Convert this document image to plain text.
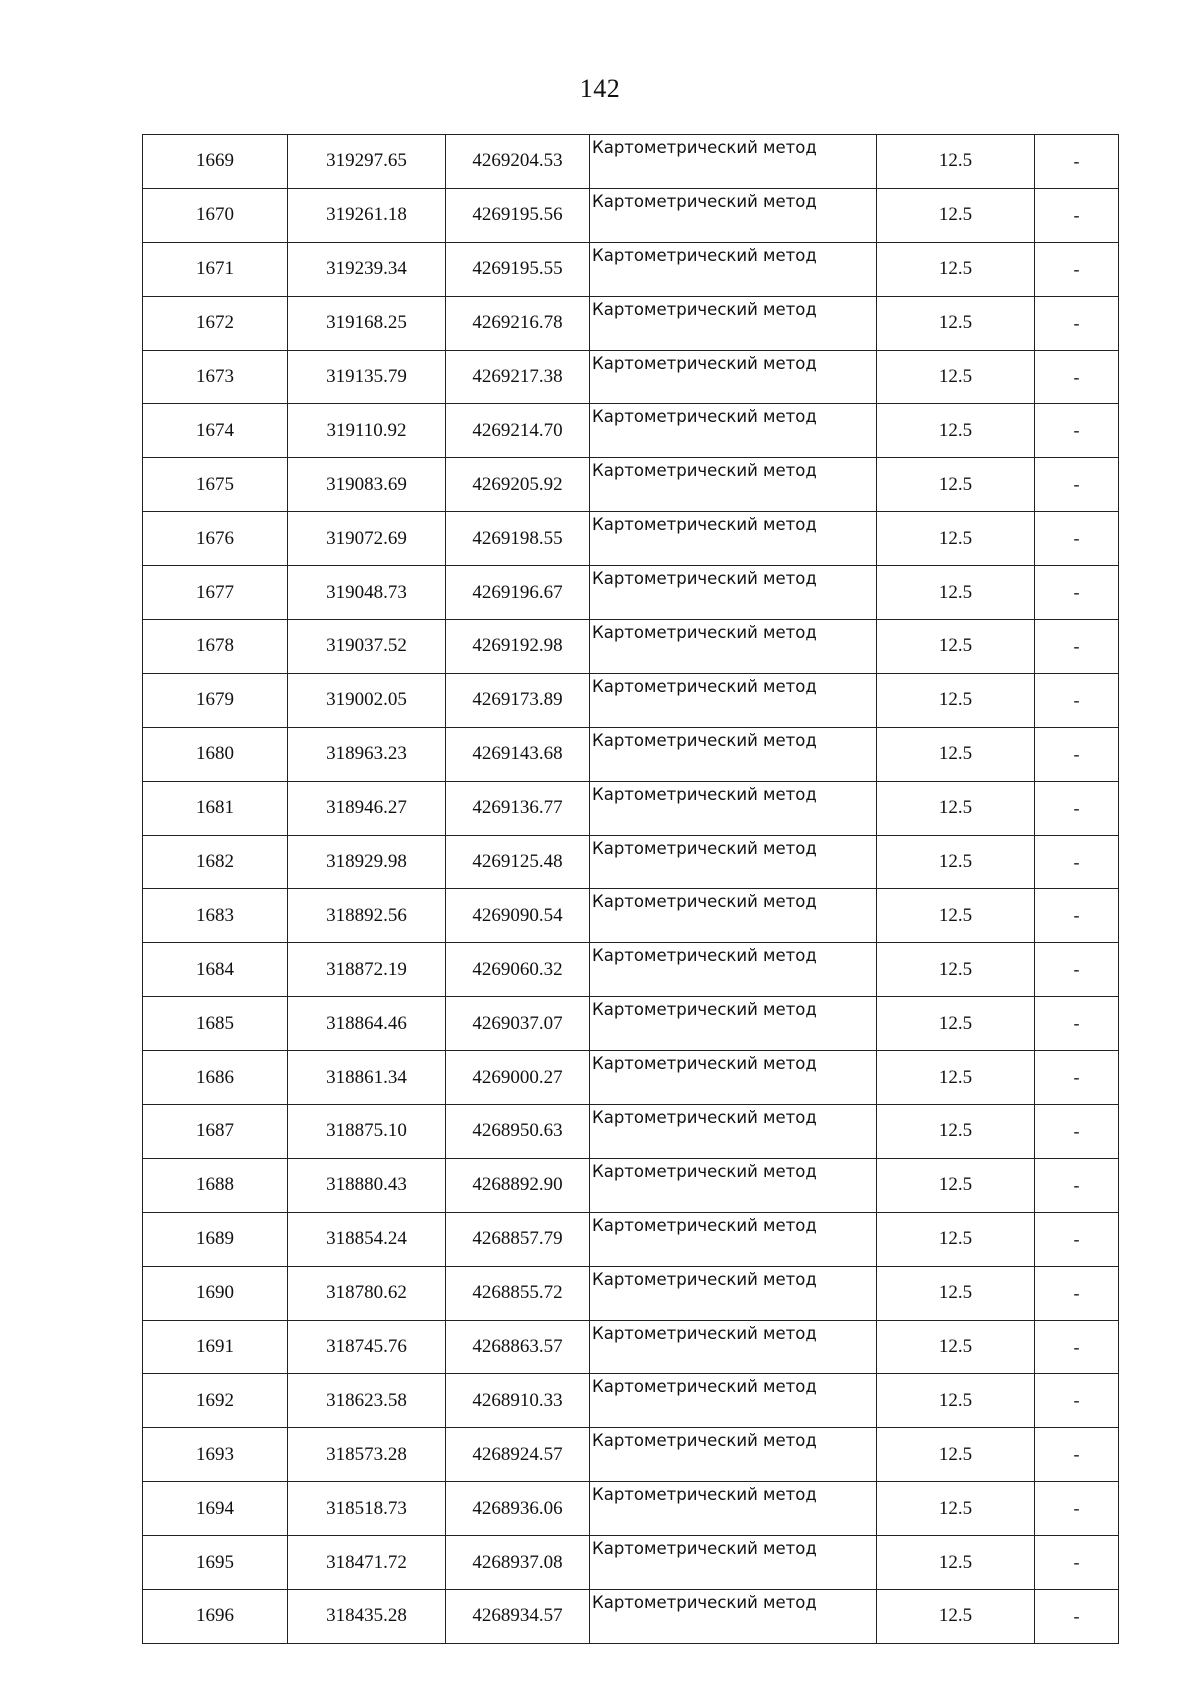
142
1669	319297.65	4269204.53	Картометрический метод	12.5	-
1670	319261.18	4269195.56	Картометрический метод	12.5	-
1671	319239.34	4269195.55	Картометрический метод	12.5	-
1672	319168.25	4269216.78	Картометрический метод	12.5	-
1673	319135.79	4269217.38	Картометрический метод	12.5	-
1674	319110.92	4269214.70	Картометрический метод	12.5	-
1675	319083.69	4269205.92	Картометрический метод	12.5	-
1676	319072.69	4269198.55	Картометрический метод	12.5	-
1677	319048.73	4269196.67	Картометрический метод	12.5	-
1678	319037.52	4269192.98	Картометрический метод	12.5	-
1679	319002.05	4269173.89	Картометрический метод	12.5	-
1680	318963.23	4269143.68	Картометрический метод	12.5	-
1681	318946.27	4269136.77	Картометрический метод	12.5	-
1682	318929.98	4269125.48	Картометрический метод	12.5	-
1683	318892.56	4269090.54	Картометрический метод	12.5	-
1684	318872.19	4269060.32	Картометрический метод	12.5	-
1685	318864.46	4269037.07	Картометрический метод	12.5	-
1686	318861.34	4269000.27	Картометрический метод	12.5	-
1687	318875.10	4268950.63	Картометрический метод	12.5	-
1688	318880.43	4268892.90	Картометрический метод	12.5	-
1689	318854.24	4268857.79	Картометрический метод	12.5	-
1690	318780.62	4268855.72	Картометрический метод	12.5	-
1691	318745.76	4268863.57	Картометрический метод	12.5	-
1692	318623.58	4268910.33	Картометрический метод	12.5	-
1693	318573.28	4268924.57	Картометрический метод	12.5	-
1694	318518.73	4268936.06	Картометрический метод	12.5	-
1695	318471.72	4268937.08	Картометрический метод	12.5	-
1696	318435.28	4268934.57	Картометрический метод	12.5	-
